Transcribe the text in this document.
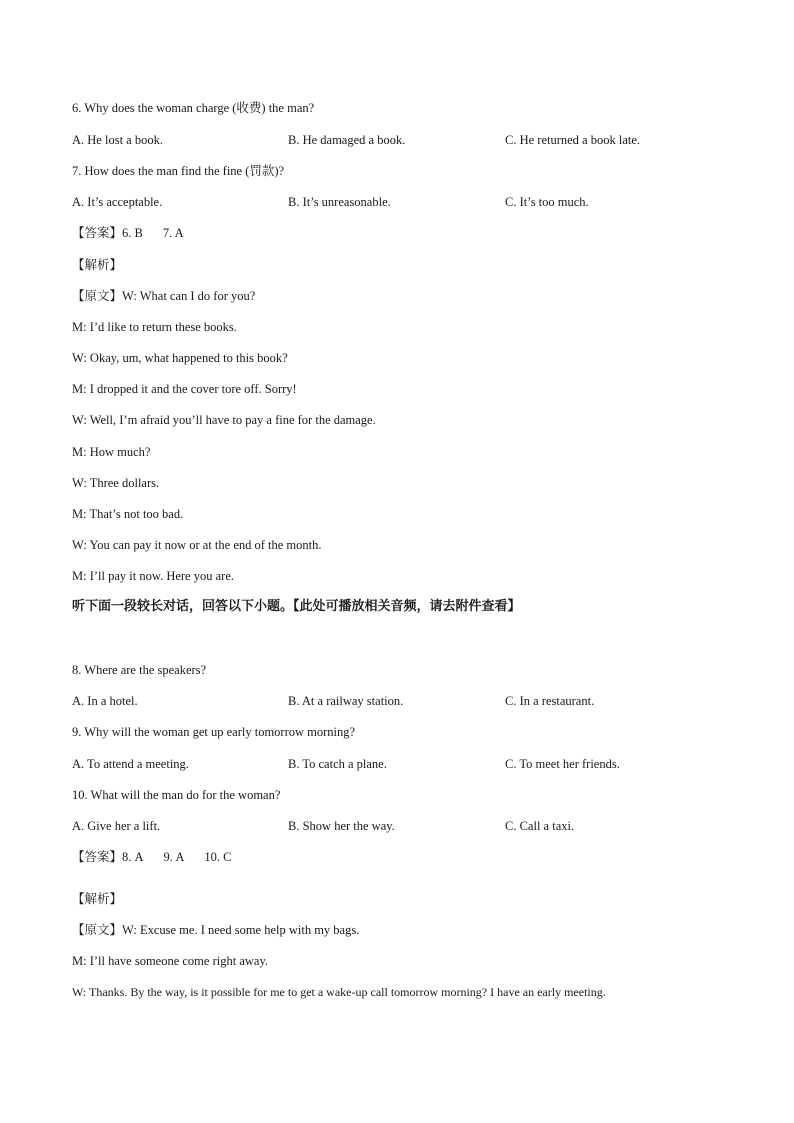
6. Why does the woman charge (收费) the man?
A. He lost a book.	B. He damaged a book.	C. He returned a book late.
7. How does the man find the fine (罚款)?
A. It’s acceptable.	B. It’s unreasonable.	C. It’s too much.
【答案】6. B 7. A
【解析】
【原文】W: What can I do for you?
M: I’d like to return these books.
W: Okay, um, what happened to this book?
M: I dropped it and the cover tore off. Sorry!
W: Well, I’m afraid you’ll have to pay a fine for the damage.
M: How much?
W: Three dollars.
M: That’s not too bad.
W: You can pay it now or at the end of the month.
M: I’ll pay it now. Here you are.
听下面一段较长对话，回答以下小题。【此处可播放相关音频，请去附件查看】
8. Where are the speakers?
A. In a hotel.	B. At a railway station.	C. In a restaurant.
9. Why will the woman get up early tomorrow morning?
A. To attend a meeting.	B. To catch a plane.	C. To meet her friends.
10. What will the man do for the woman?
A. Give her a lift.	B. Show her the way.	C. Call a taxi.
【答案】8. A 9. A 10. C
【解析】
【原文】W: Excuse me. I need some help with my bags.
M: I’ll have someone come right away.
W: Thanks. By the way, is it possible for me to get a wake-up call tomorrow morning? I have an early meeting.
